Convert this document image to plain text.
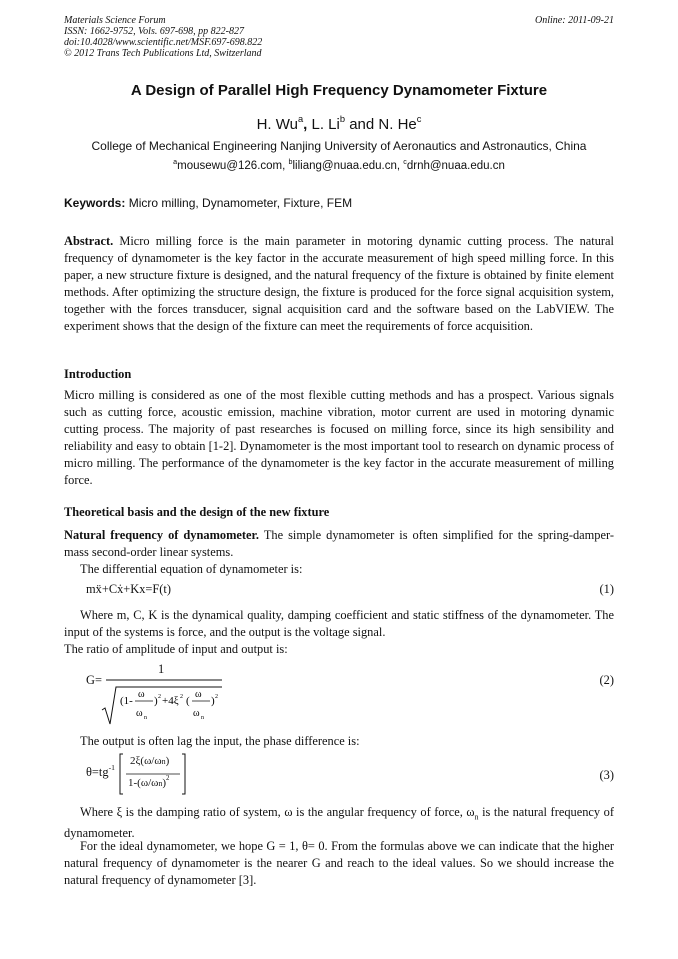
Materials Science Forum
ISSN: 1662-9752, Vols. 697-698, pp 822-827
doi:10.4028/www.scientific.net/MSF.697-698.822
© 2012 Trans Tech Publications Ltd, Switzerland
Online: 2011-09-21
A Design of Parallel High Frequency Dynamometer Fixture
H. Wu$^a$, L. Li$^b$ and N. He$^c$
College of Mechanical Engineering Nanjing University of Aeronautics and Astronautics, China
$^a$mousewu@126.com, $^b$liliang@nuaa.edu.cn, $^c$drnh@nuaa.edu.cn
Keywords: Micro milling, Dynamometer, Fixture, FEM
Abstract. Micro milling force is the main parameter in motoring dynamic cutting process. The natural frequency of dynamometer is the key factor in the accurate measurement of high speed milling force. In this paper, a new structure fixture is designed, and the natural frequency of the fixture is obtained by finite element methods. After optimizing the structure design, the fixture is produced for the force signal acquisition system, together with the forces transducer, signal acquisition card and the software based on the LabVIEW. The experiment shows that the design of the fixture can meet the requirements of force acquisition.
Introduction
Micro milling is considered as one of the most flexible cutting methods and has a prospect. Various signals such as cutting force, acoustic emission, machine vibration, motor current are used in motoring dynamic cutting process. The majority of past researches is focused on milling force, since its high sensibility and reliability and easy to obtain [1-2]. Dynamometer is the most important tool to research on dynamic process of micro milling. The performance of the dynamometer is the key factor in the accurate measurement of milling force.
Theoretical basis and the design of the new fixture
Natural frequency of dynamometer. The simple dynamometer is often simplified for the spring-damper-mass second-order linear systems.
The differential equation of dynamometer is:
mẍ+Cẋ+Kx=F(t)	(1)
Where m, C, K is the dynamical quality, damping coefficient and static stiffness of the dynamometer. The input of the systems is force, and the output is the voltage signal.
The ratio of amplitude of input and output is:
G=
1
(1-
ω
ω n
) 2 +4ξ 2 (
ω
ω n
) 2
(2)
The output is often lag the input, the phase difference is:
$\theta=tg^{-1}$
2ξ(ω/ωn)
$1-(\omega/\omega n)^2$	(3)
Where ξ is the damping ratio of system, ω is the angular frequency of force, $\omega_n$ is the natural frequency of dynamometer.
For the ideal dynamometer, we hope G = 1, θ= 0. From the formulas above we can indicate that the higher natural frequency of dynamometer is the nearer G and reach to the ideal values. So we should increase the natural frequency of dynamometer [3].
